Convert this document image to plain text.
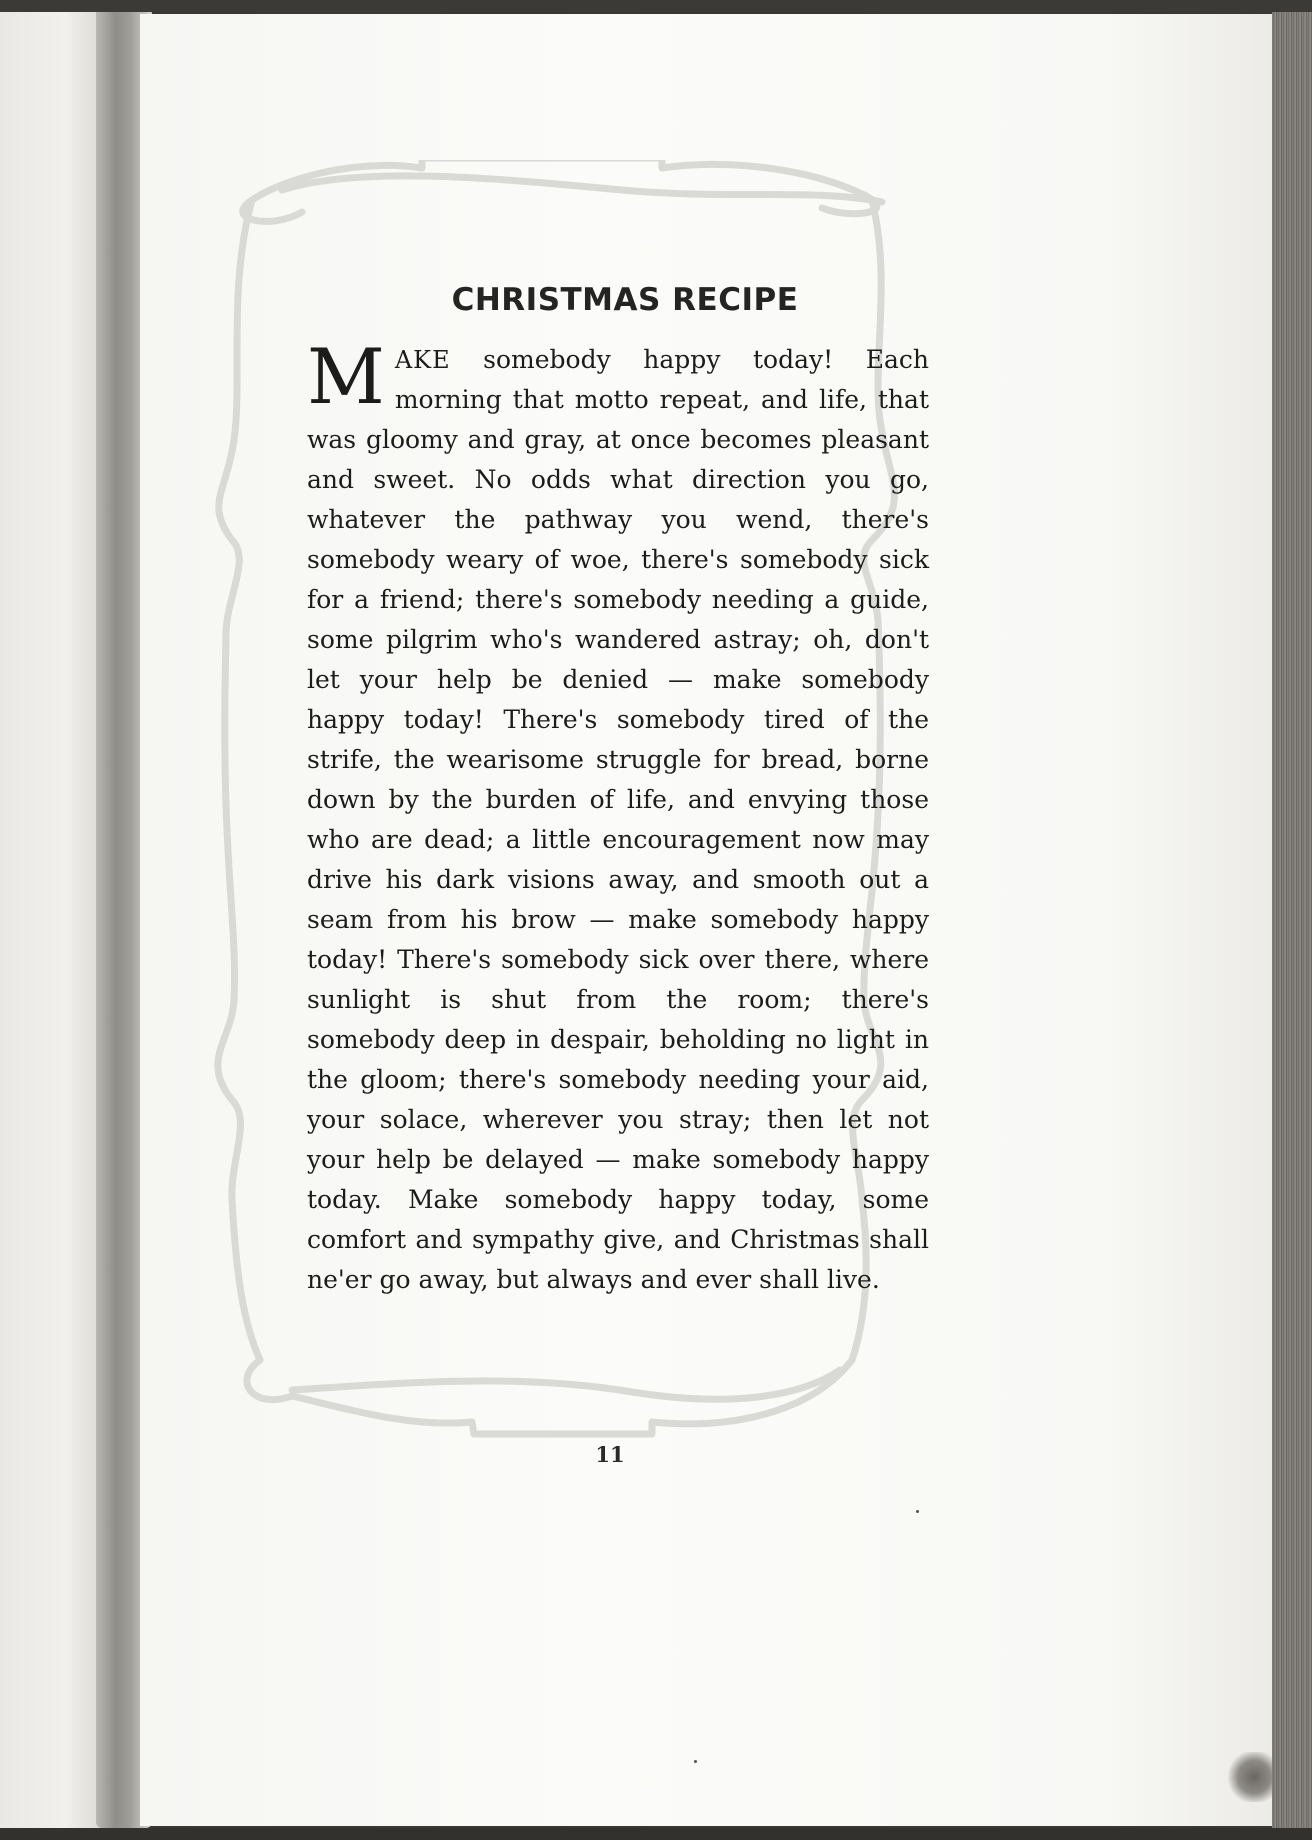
CHRISTMAS RECIPE

MAKE somebody happy today! Each morning that motto repeat, and life, that was gloomy and gray, at once becomes pleasant and sweet. No odds what direction you go, whatever the pathway you wend, there's somebody weary of woe, there's somebody sick for a friend; there's somebody needing a guide, some pilgrim who's wandered astray; oh, don't let your help be denied — make somebody happy today! There's somebody tired of the strife, the wearisome struggle for bread, borne down by the burden of life, and envying those who are dead; a little encouragement now may drive his dark visions away, and smooth out a seam from his brow — make somebody happy today! There's somebody sick over there, where sunlight is shut from the room; there's somebody deep in despair, beholding no light in the gloom; there's somebody needing your aid, your solace, wherever you stray; then let not your help be delayed — make somebody happy today. Make somebody happy today, some comfort and sympathy give, and Christmas shall ne'er go away, but always and ever shall live.

11
